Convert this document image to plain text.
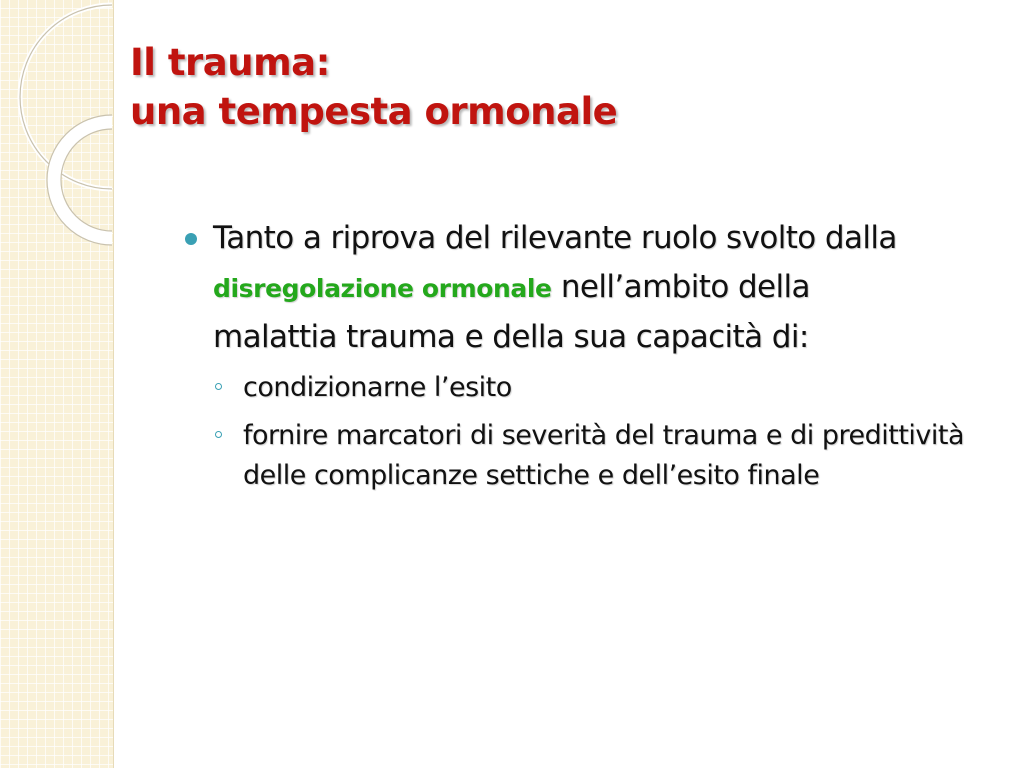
Il trauma:
una tempesta ormonale
Tanto a riprova del rilevante ruolo svolto dalla disregolazione ormonale nell’ambito della malattia trauma e della sua capacità di:
condizionarne l’esito
fornire marcatori di severità del trauma e di predittività delle complicanze settiche e dell’esito finale
